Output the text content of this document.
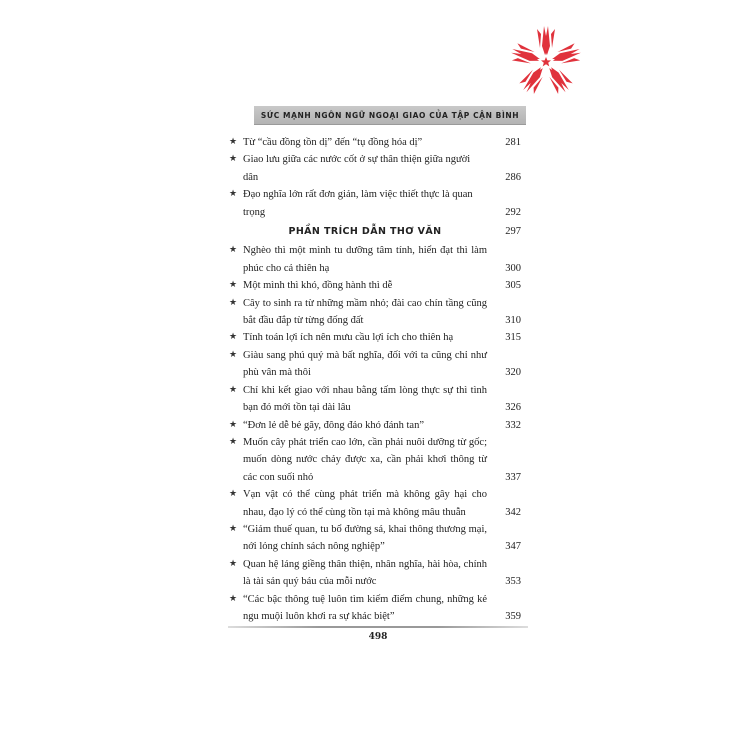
SỨC MẠNH NGÔN NGỮ NGOẠI GIAO CỦA TẬP CẬN BÌNH
★ Từ “cầu đồng tồn dị” đến “tụ đồng hóa dị”	281
★ Giao lưu giữa các nước cốt ở sự thân thiện giữa người dân	286
★ Đạo nghĩa lớn rất đơn giản, làm việc thiết thực là quan trọng	292
PHẦN TRÍCH DẪN THƠ VĂN	297
★ Nghèo thì một mình tu dưỡng tâm tính, hiển đạt thì làm phúc cho cả thiên hạ	300
★ Một mình thì khó, đồng hành thì dễ	305
★ Cây to sinh ra từ những mầm nhỏ; đài cao chín tầng cũng bắt đầu đắp từ từng đống đất	310
★ Tính toán lợi ích nên mưu cầu lợi ích cho thiên hạ	315
★ Giàu sang phú quý mà bất nghĩa, đối với ta cũng chỉ như phù vân mà thôi	320
★ Chỉ khi kết giao với nhau bằng tấm lòng thực sự thì tình bạn đó mới tồn tại dài lâu	326
★ “Đơn lẻ dễ bẻ gãy, đông đảo khó đánh tan”	332
★ Muốn cây phát triển cao lớn, cần phải nuôi dưỡng từ gốc; muốn dòng nước chảy được xa, cần phải khơi thông từ các con suối nhỏ	337
★ Vạn vật có thể cùng phát triển mà không gây hại cho nhau, đạo lý có thể cùng tồn tại mà không mâu thuẫn	342
★ “Giảm thuế quan, tu bổ đường sá, khai thông thương mại, nới lỏng chính sách nông nghiệp”	347
★ Quan hệ láng giềng thân thiện, nhân nghĩa, hài hòa, chính là tài sản quý báu của mỗi nước	353
★ “Các bậc thông tuệ luôn tìm kiếm điểm chung, những kẻ ngu muội luôn khơi ra sự khác biệt”	359
498
